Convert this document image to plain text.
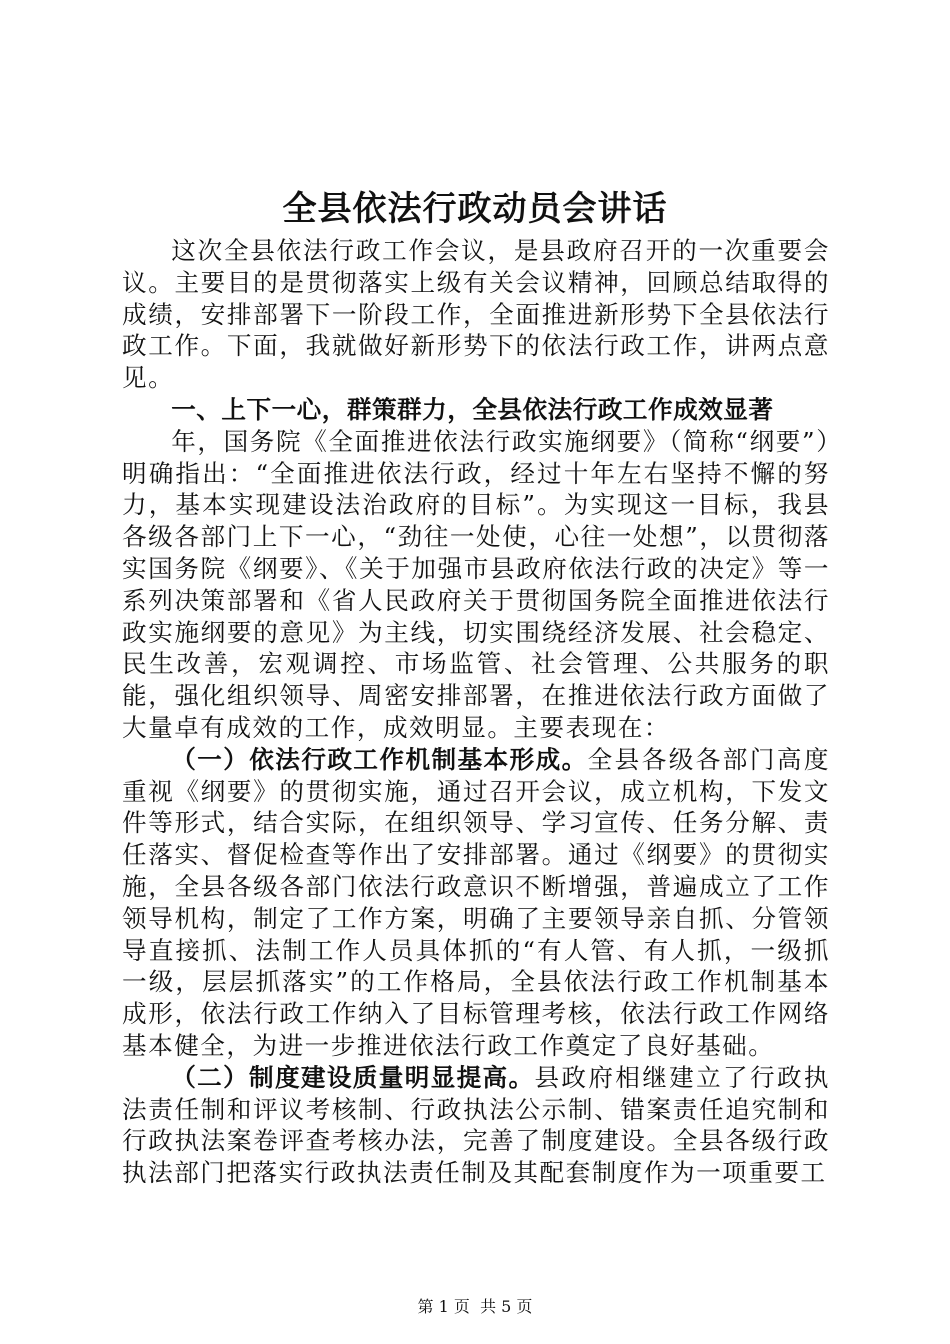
全县依法行政动员会讲话

这次全县依法行政工作会议，是县政府召开的一次重要会议。主要目的是贯彻落实上级有关会议精神，回顾总结取得的成绩，安排部署下一阶段工作，全面推进新形势下全县依法行政工作。下面，我就做好新形势下的依法行政工作，讲两点意见。

一、上下一心，群策群力，全县依法行政工作成效显著

年，国务院《全面推进依法行政实施纲要》（简称“纲要”）明确指出：“全面推进依法行政，经过十年左右坚持不懈的努力，基本实现建设法治政府的目标”。为实现这一目标，我县各级各部门上下一心，“劲往一处使，心往一处想”，以贯彻落实国务院《纲要》、《关于加强市县政府依法行政的决定》等一系列决策部署和《省人民政府关于贯彻国务院全面推进依法行政实施纲要的意见》为主线，切实围绕经济发展、社会稳定、民生改善，宏观调控、市场监管、社会管理、公共服务的职能，强化组织领导、周密安排部署，在推进依法行政方面做了大量卓有成效的工作，成效明显。主要表现在：

（一）依法行政工作机制基本形成。全县各级各部门高度重视《纲要》的贯彻实施，通过召开会议，成立机构，下发文件等形式，结合实际，在组织领导、学习宣传、任务分解、责任落实、督促检查等作出了安排部署。通过《纲要》的贯彻实施，全县各级各部门依法行政意识不断增强，普遍成立了工作领导机构，制定了工作方案，明确了主要领导亲自抓、分管领导直接抓、法制工作人员具体抓的“有人管、有人抓，一级抓一级，层层抓落实”的工作格局，全县依法行政工作机制基本成形，依法行政工作纳入了目标管理考核，依法行政工作网络基本健全，为进一步推进依法行政工作奠定了良好基础。

（二）制度建设质量明显提高。县政府相继建立了行政执法责任制和评议考核制、行政执法公示制、错案责任追究制和行政执法案卷评查考核办法，完善了制度建设。全县各级行政执法部门把落实行政执法责任制及其配套制度作为一项重要工

第 1 页  共 5 页
